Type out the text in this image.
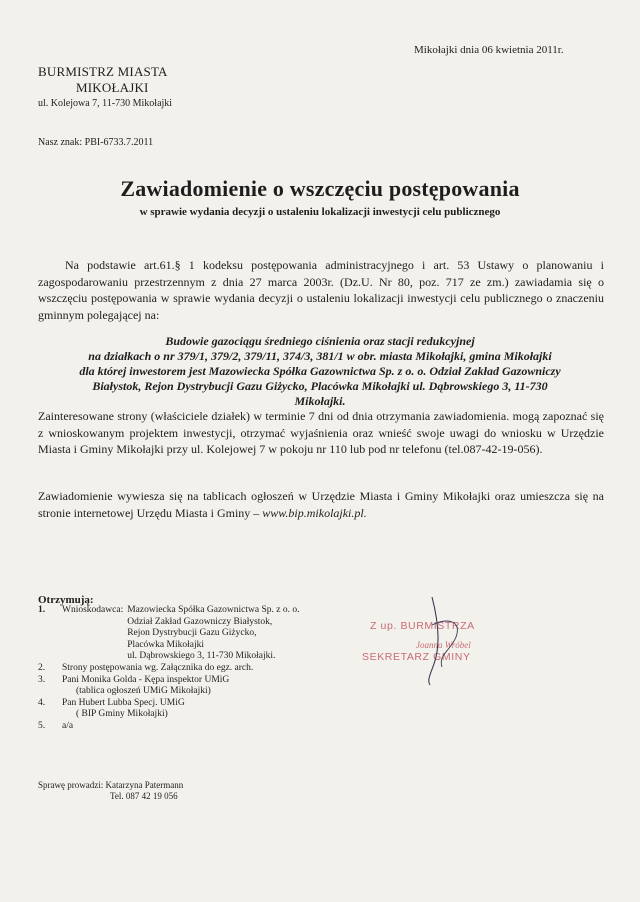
Mikołajki dnia 06 kwietnia 2011r.
BURMISTRZ MIASTA
MIKOŁAJKI
ul. Kolejowa 7, 11-730 Mikołajki
Nasz znak: PBI-6733.7.2011
Zawiadomienie o wszczęciu postępowania
w sprawie wydania decyzji o ustaleniu lokalizacji inwestycji celu publicznego
Na podstawie art.61.§ 1 kodeksu postępowania administracyjnego i art. 53 Ustawy o planowaniu i zagospodarowaniu przestrzennym z dnia 27 marca 2003r. (Dz.U. Nr 80, poz. 717 ze zm.) zawiadamia się o wszczęciu postępowania w sprawie wydania decyzji o ustaleniu lokalizacji inwestycji celu publicznego o znaczeniu gminnym polegającej na:
Budowie gazociągu średniego ciśnienia oraz stacji redukcyjnej
na działkach o nr 379/1, 379/2, 379/11, 374/3, 381/1 w obr. miasta Mikołajki, gmina Mikołajki
dla której inwestorem jest Mazowiecka Spółka Gazownictwa Sp. z o. o. Odział Zakład Gazowniczy
Białystok, Rejon Dystrybucji Gazu Giżycko, Placówka Mikołajki ul. Dąbrowskiego 3, 11-730
Mikołajki.
Zainteresowane strony (właściciele działek) w terminie 7 dni od dnia otrzymania zawiadomienia. mogą zapoznać się z wnioskowanym projektem inwestycji, otrzymać wyjaśnienia oraz wnieść swoje uwagi do wniosku w Urzędzie Miasta i Gminy Mikołajki przy ul. Kolejowej 7 w pokoju nr 110 lub pod nr telefonu (tel.087-42-19-056).
Zawiadomienie wywiesza się na tablicach ogłoszeń w Urzędzie Miasta i Gminy Mikołajki oraz umieszcza się na stronie internetowej Urzędu Miasta i Gminy – www.bip.mikolajki.pl.
Otrzymują:
1.	Wnioskodawca: Mazowiecka Spółka Gazownictwa Sp. z o. o.
Odział Zakład Gazowniczy Białystok,
Rejon Dystrybucji Gazu Giżycko,
Placówka Mikołajki
ul. Dąbrowskiego 3, 11-730 Mikołajki.
2.	Strony postępowania wg. Załącznika do egz. arch.
3.	Pani Monika Golda - Kępa inspektor UMiG
(tablica ogłoszeń UMiG Mikołajki)
4.	Pan Hubert Lubba Specj. UMiG
( BIP Gminy Mikołajki)
5.	a/a
Z up. BURMISTRZA
Joanna Wróbel
SEKRETARZ GMINY
Sprawę prowadzi: Katarzyna Patermann
Tel. 087 42 19 056
